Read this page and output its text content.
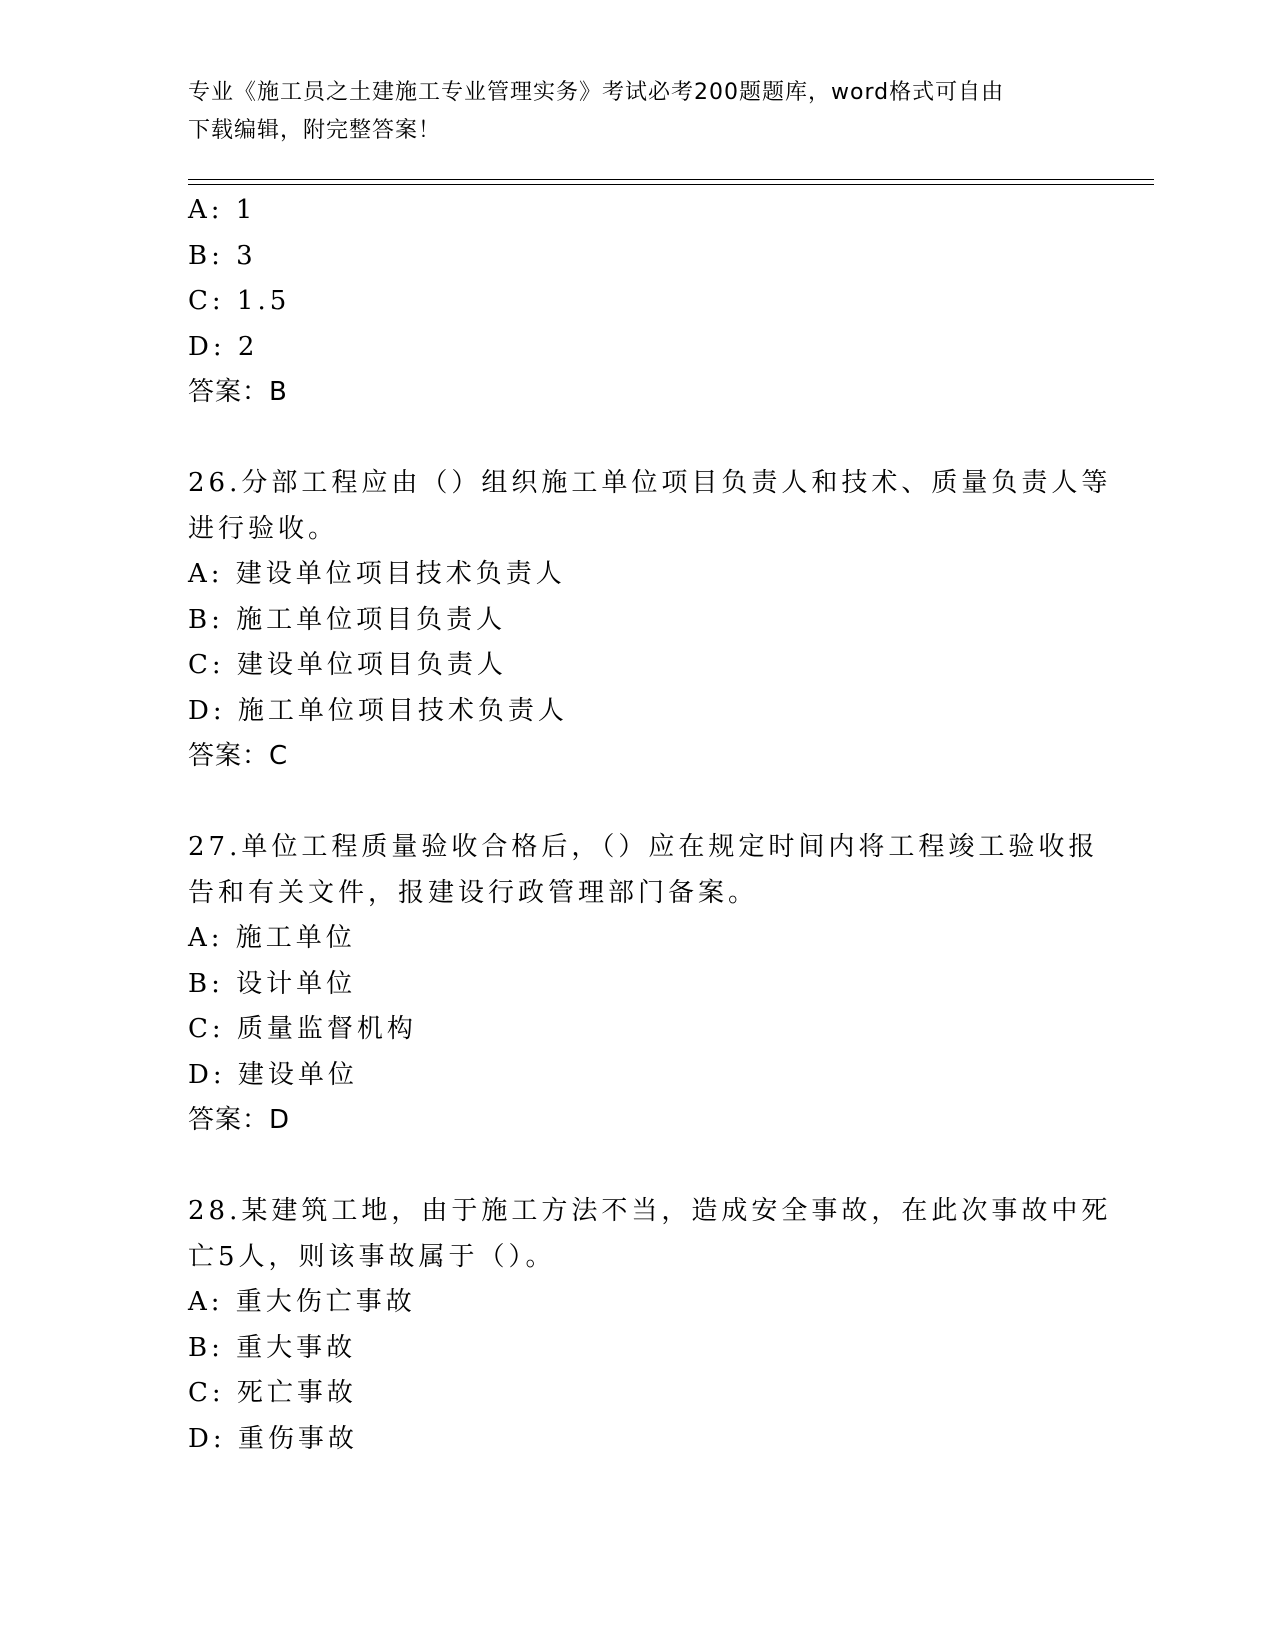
专业《施工员之土建施工专业管理实务》考试必考200题题库，word格式可自由
下载编辑，附完整答案！
A: 1
B: 3
C: 1.5
D: 2
答案：B
26.分部工程应由（）组织施工单位项目负责人和技术、质量负责人等
进行验收。
A: 建设单位项目技术负责人
B: 施工单位项目负责人
C: 建设单位项目负责人
D: 施工单位项目技术负责人
答案：C
27.单位工程质量验收合格后，（）应在规定时间内将工程竣工验收报
告和有关文件，报建设行政管理部门备案。
A: 施工单位
B: 设计单位
C: 质量监督机构
D: 建设单位
答案：D
28.某建筑工地，由于施工方法不当，造成安全事故，在此次事故中死
亡5人，则该事故属于（）。
A: 重大伤亡事故
B: 重大事故
C: 死亡事故
D: 重伤事故
